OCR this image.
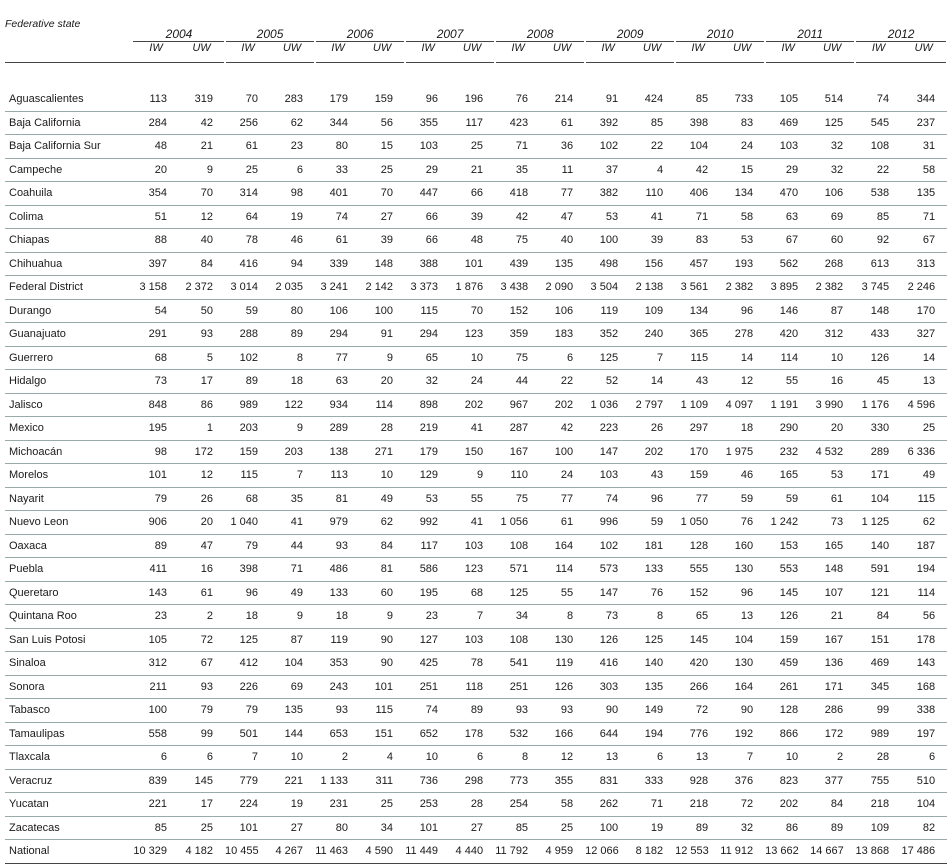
Federative state	2004		2005		2006		2007		2008		2009		2010		2011		2012	

	IW	UW	IW	UW	IW	UW	IW	UW	IW	UW	IW	UW	IW	UW	IW	UW	IW	UW

Aguascalientes	113	319	70	283	179	159	96	196	76	214	91	424	85	733	105	514	74	344
Baja California	284	42	256	62	344	56	355	117	423	61	392	85	398	83	469	125	545	237
Baja California Sur	48	21	61	23	80	15	103	25	71	36	102	22	104	24	103	32	108	31
Campeche	20	9	25	6	33	25	29	21	35	11	37	4	42	15	29	32	22	58
Coahuila	354	70	314	98	401	70	447	66	418	77	382	110	406	134	470	106	538	135
Colima	51	12	64	19	74	27	66	39	42	47	53	41	71	58	63	69	85	71
Chiapas	88	40	78	46	61	39	66	48	75	40	100	39	83	53	67	60	92	67
Chihuahua	397	84	416	94	339	148	388	101	439	135	498	156	457	193	562	268	613	313
Federal District	3 158	2 372	3 014	2 035	3 241	2 142	3 373	1 876	3 438	2 090	3 504	2 138	3 561	2 382	3 895	2 382	3 745	2 246
Durango	54	50	59	80	106	100	115	70	152	106	119	109	134	96	146	87	148	170
Guanajuato	291	93	288	89	294	91	294	123	359	183	352	240	365	278	420	312	433	327
Guerrero	68	5	102	8	77	9	65	10	75	6	125	7	115	14	114	10	126	14
Hidalgo	73	17	89	18	63	20	32	24	44	22	52	14	43	12	55	16	45	13
Jalisco	848	86	989	122	934	114	898	202	967	202	1 036	2 797	1 109	4 097	1 191	3 990	1 176	4 596
Mexico	195	1	203	9	289	28	219	41	287	42	223	26	297	18	290	20	330	25
Michoacán	98	172	159	203	138	271	179	150	167	100	147	202	170	1 975	232	4 532	289	6 336
Morelos	101	12	115	7	113	10	129	9	110	24	103	43	159	46	165	53	171	49
Nayarit	79	26	68	35	81	49	53	55	75	77	74	96	77	59	59	61	104	115
Nuevo Leon	906	20	1 040	41	979	62	992	41	1 056	61	996	59	1 050	76	1 242	73	1 125	62
Oaxaca	89	47	79	44	93	84	117	103	108	164	102	181	128	160	153	165	140	187
Puebla	411	16	398	71	486	81	586	123	571	114	573	133	555	130	553	148	591	194
Queretaro	143	61	96	49	133	60	195	68	125	55	147	76	152	96	145	107	121	114
Quintana Roo	23	2	18	9	18	9	23	7	34	8	73	8	65	13	126	21	84	56
San Luis Potosi	105	72	125	87	119	90	127	103	108	130	126	125	145	104	159	167	151	178
Sinaloa	312	67	412	104	353	90	425	78	541	119	416	140	420	130	459	136	469	143
Sonora	211	93	226	69	243	101	251	118	251	126	303	135	266	164	261	171	345	168
Tabasco	100	79	79	135	93	115	74	89	93	93	90	149	72	90	128	286	99	338
Tamaulipas	558	99	501	144	653	151	652	178	532	166	644	194	776	192	866	172	989	197
Tlaxcala	6	6	7	10	2	4	10	6	8	12	13	6	13	7	10	2	28	6
Veracruz	839	145	779	221	1 133	311	736	298	773	355	831	333	928	376	823	377	755	510
Yucatan	221	17	224	19	231	25	253	28	254	58	262	71	218	72	202	84	218	104
Zacatecas	85	25	101	27	80	34	101	27	85	25	100	19	89	32	86	89	109	82
National	10 329	4 182	10 455	4 267	11 463	4 590	11 449	4 440	11 792	4 959	12 066	8 182	12 553	11 912	13 662	14 667	13 868	17 486
